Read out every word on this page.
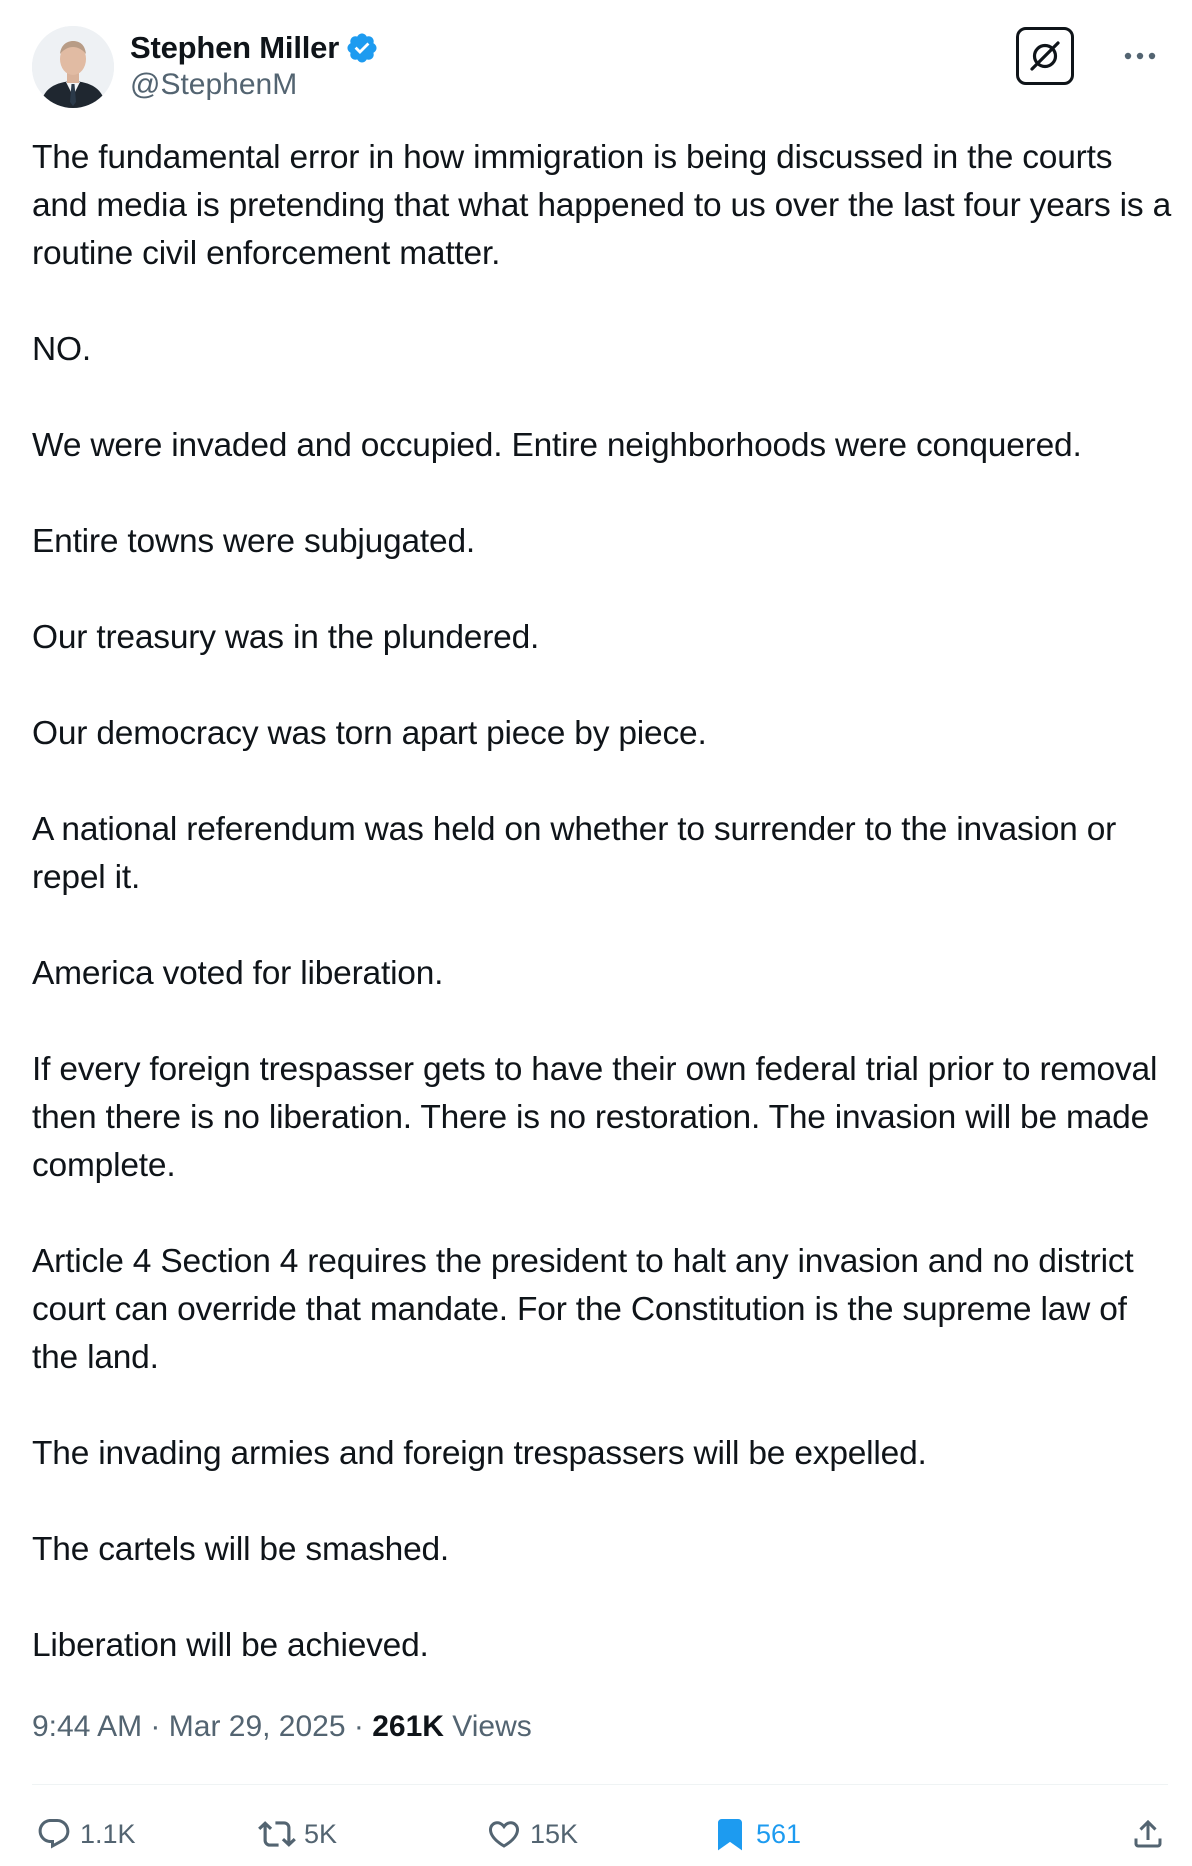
Stephen Miller
@StephenM

The fundamental error in how immigration is being discussed in the courts and media is pretending that what happened to us over the last four years is a routine civil enforcement matter.

NO.

We were invaded and occupied. Entire neighborhoods were conquered.

Entire towns were subjugated.

Our treasury was in the plundered.

Our democracy was torn apart piece by piece.

A national referendum was held on whether to surrender to the invasion or repel it.

America voted for liberation.

If every foreign trespasser gets to have their own federal trial prior to removal then there is no liberation. There is no restoration. The invasion will be made complete.

Article 4 Section 4 requires the president to halt any invasion and no district court can override that mandate. For the Constitution is the supreme law of the land.

The invading armies and foreign trespassers will be expelled.

The cartels will be smashed.

Liberation will be achieved.

9:44 AM · Mar 29, 2025 · 261K Views
1.1K	5K	15K	561
